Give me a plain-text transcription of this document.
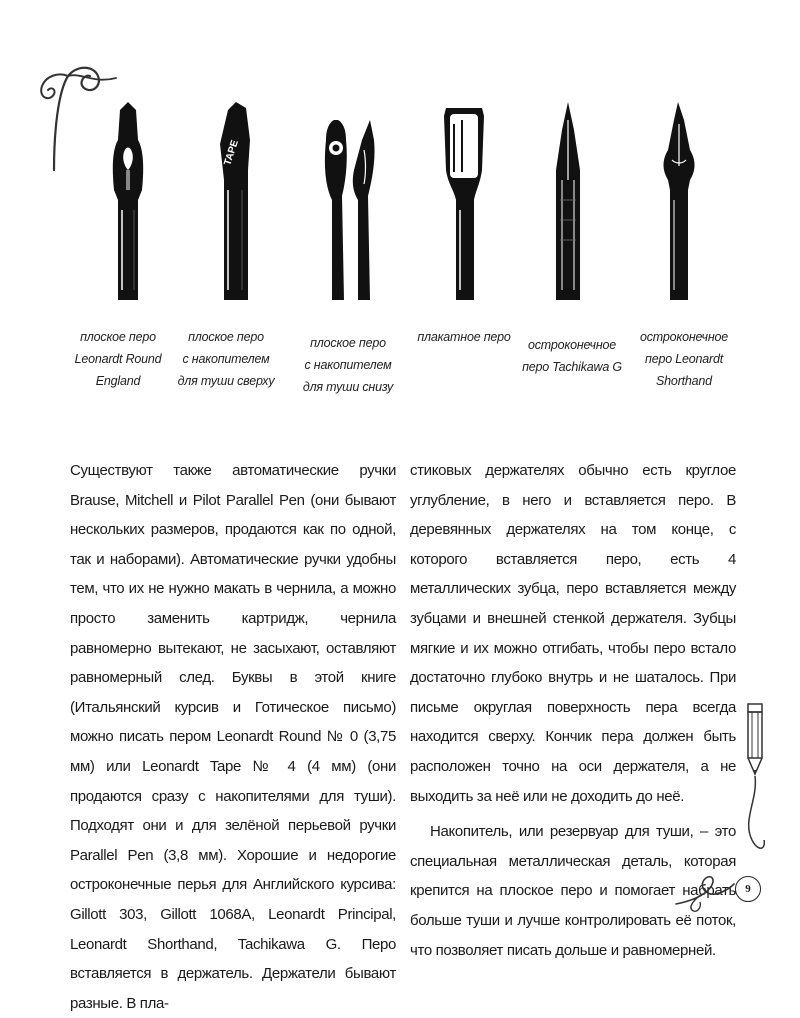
TAPE
плоское перо
Leonardt Round
England
плоское перо
с накопителем
для туши сверху
плоское перо
с накопителем
для туши снизу
плакатное перо
остроконечное
перо Tachikawa G
остроконечное
перо Leonardt
Shorthand

Существуют также автоматические ручки Brause, Mitchell и Pilot Parallel Pen (они бывают нескольких размеров, продаются как по одной, так и наборами). Автоматические ручки удобны тем, что их не нужно макать в чернила, а можно просто заменить картридж, чернила равномерно вытекают, не засыхают, оставляют равномерный след. Буквы в этой книге (Итальянский курсив и Готическое письмо) можно писать пером Leonardt Round № 0 (3,75 мм) или Leonardt Tape № 4 (4 мм) (они продаются сразу с накопителями для туши). Подходят они и для зелёной перьевой ручки Parallel Pen (3,8 мм). Хорошие и недорогие остроконечные перья для Английского курсива: Gillott 303, Gillott 1068A, Leonardt Principal, Leonardt Shorthand, Tachikawa G. Перо вставляется в держатель. Держатели бывают разные. В пла-

стиковых держателях обычно есть круглое углубление, в него и вставляется перо. В деревянных держателях на том конце, с которого вставляется перо, есть 4 металлических зубца, перо вставляется между зубцами и внешней стенкой держателя. Зубцы мягкие и их можно отгибать, чтобы перо встало достаточно глубоко внутрь и не шаталось. При письме округлая поверхность пера всегда находится сверху. Кончик пера должен быть расположен точно на оси держателя, а не выходить за неё или не доходить до неё.

Накопитель, или резервуар для туши, – это специальная металлическая деталь, которая крепится на плоское перо и помогает набрать больше туши и лучше контролировать её поток, что позволяет писать дольше и равномерней.

9
